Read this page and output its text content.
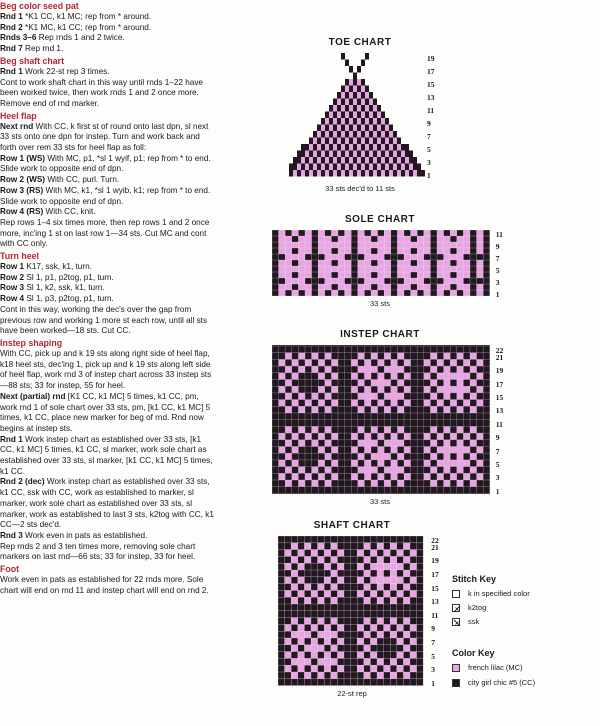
Beg color seed pat
Rnd 1 *K1 CC, k1 MC; rep from * around.
Rnd 2 *K1 MC, k1 CC; rep from * around.
Rnds 3–6 Rep rnds 1 and 2 twice.
Rnd 7 Rep rnd 1.
Beg shaft chart
Rnd 1 Work 22-st rep 3 times.
Cont to work shaft chart in this way until rnds 1–22 have been worked twice, then work rnds 1 and 2 once more. Remove end of rnd marker.
Heel flap
Next rnd With CC, k first st of round onto last dpn, sl next 33 sts onto one dpn for instep. Turn and work back and forth over rem 33 sts for heel flap as foll:
Row 1 (WS) With MC, p1, *sl 1 wyif, p1; rep from * to end. Slide work to opposite end of dpn.
Row 2 (WS) With CC, purl. Turn.
Row 3 (RS) With MC, k1, *sl 1 wyib, k1; rep from * to end. Slide work to opposite end of dpn.
Row 4 (RS) With CC, knit.
Rep rows 1–4 six times more, then rep rows 1 and 2 once more, inc'ing 1 st on last row 1—34 sts. Cut MC and cont with CC only.
Turn heel
Row 1 K17, ssk, k1, turn.
Row 2 Sl 1, p1, p2tog, p1, turn.
Row 3 Sl 1, k2, ssk, k1, turn.
Row 4 Sl 1, p3, p2tog, p1, turn.
Cont in this way, working the dec's over the gap from previous row and working 1 more st each row, until all sts have been worked—18 sts. Cut CC.
Instep shaping
With CC, pick up and k 19 sts along right side of heel flap, k18 heel sts, dec'ing 1, pick up and k 19 sts along left side of heel flap, work rnd 3 of instep chart across 33 instep sts—88 sts; 33 for instep, 55 for heel.
Next (partial) rnd [K1 CC, k1 MC] 5 times, k1 CC, pm, work rnd 1 of sole chart over 33 sts, pm, [k1 CC, k1 MC] 5 times, k1 CC, place new marker for beg of rnd. Rnd now begins at instep sts.
Rnd 1 Work instep chart as established over 33 sts, [k1 CC, k1 MC] 5 times, k1 CC, sl marker, work sole chart as established over 33 sts, sl marker, [k1 CC, k1 MC] 5 times, k1 CC.
Rnd 2 (dec) Work instep chart as established over 33 sts, k1 CC, ssk with CC, work as established to marker, sl marker, work sole chart as established over 33 sts, sl marker, work as established to last 3 sts, k2tog with CC, k1 CC—2 sts dec'd.
Rnd 3 Work even in pats as established.
Rep rnds 2 and 3 ten times more, removing sole chart markers on last rnd—66 sts; 33 for instep, 33 for heel.
Foot
Work even in pats as established for 22 rnds more. Sole chart will end on rnd 11 and instep chart will end on rnd 2.
TOE CHART
33 sts dec'd to 11 sts
SOLE CHART
33 sts
INSTEP CHART
33 sts
SHAFT CHART
22-st rep
Stitch Key
k in specified color
k2tog
ssk
Color Key
french lilac (MC)
city girl chic #5 (CC)
19
17
15
13
11
9
7
5
3
1
11
9
7
5
3
1
22
21
19
17
15
13
11
9
7
5
3
1
22
21
19
17
15
13
11
9
7
5
3
1
